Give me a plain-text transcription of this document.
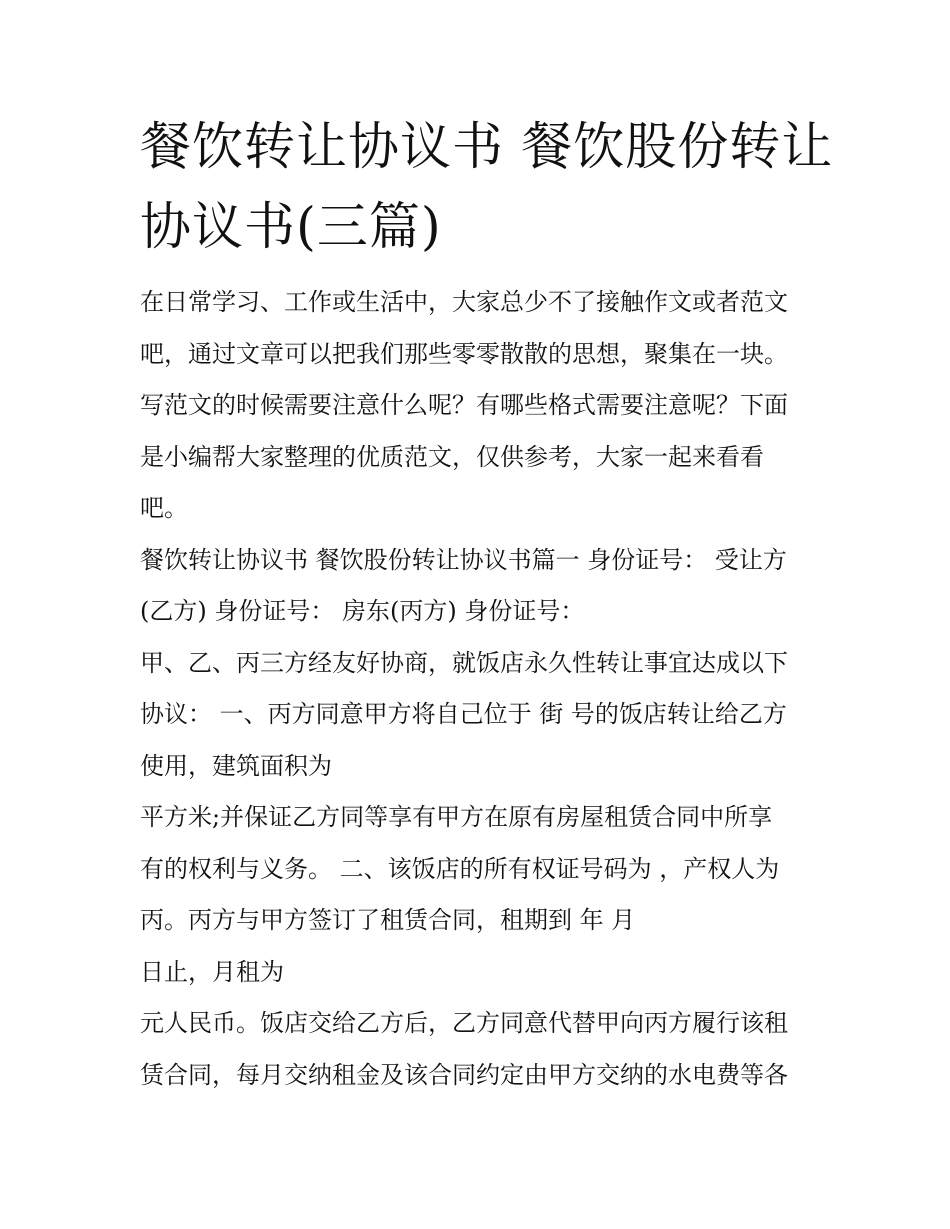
餐饮转让协议书 餐饮股份转让
协议书(三篇)
在日常学习、工作或生活中，大家总少不了接触作文或者范文
吧，通过文章可以把我们那些零零散散的思想，聚集在一块。
写范文的时候需要注意什么呢？有哪些格式需要注意呢？下面
是小编帮大家整理的优质范文，仅供参考，大家一起来看看
吧。
餐饮转让协议书 餐饮股份转让协议书篇一 身份证号： 受让方
(乙方) 身份证号： 房东(丙方) 身份证号：
甲、乙、丙三方经友好协商，就饭店永久性转让事宜达成以下
协议： 一、丙方同意甲方将自己位于 街 号的饭店转让给乙方
使用，建筑面积为
平方米;并保证乙方同等享有甲方在原有房屋租赁合同中所享
有的权利与义务。 二、该饭店的所有权证号码为 ，产权人为
丙。丙方与甲方签订了租赁合同，租期到 年 月
日止，月租为
元人民币。饭店交给乙方后，乙方同意代替甲向丙方履行该租
赁合同，每月交纳租金及该合同约定由甲方交纳的水电费等各
